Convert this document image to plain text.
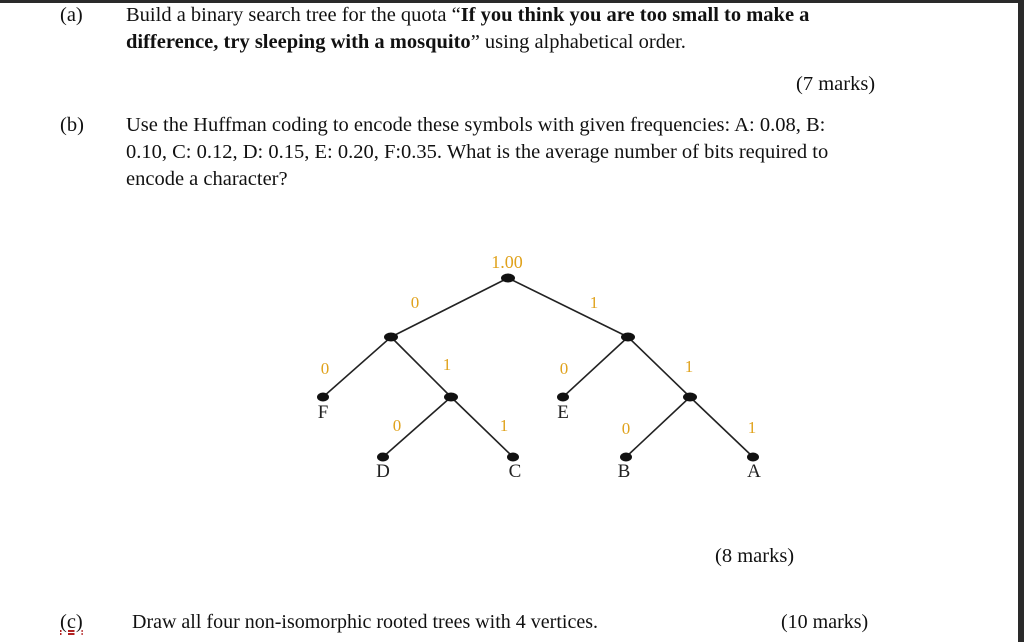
(a) Build a binary search tree for the quota “If you think you are too small to make a
difference, try sleeping with a mosquito” using alphabetical order.
(7 marks)
(b) Use the Huffman coding to encode these symbols with given frequencies: A: 0.08, B:
0.10, C: 0.12, D: 0.15, E: 0.20, F:0.35. What is the average number of bits required to
encode a character?
1.00
0	1
0	1	0	1
0	1	0	1
F	E
D	C	B	A
(8 marks)
(c) Draw all four non-isomorphic rooted trees with 4 vertices.	(10 marks)
